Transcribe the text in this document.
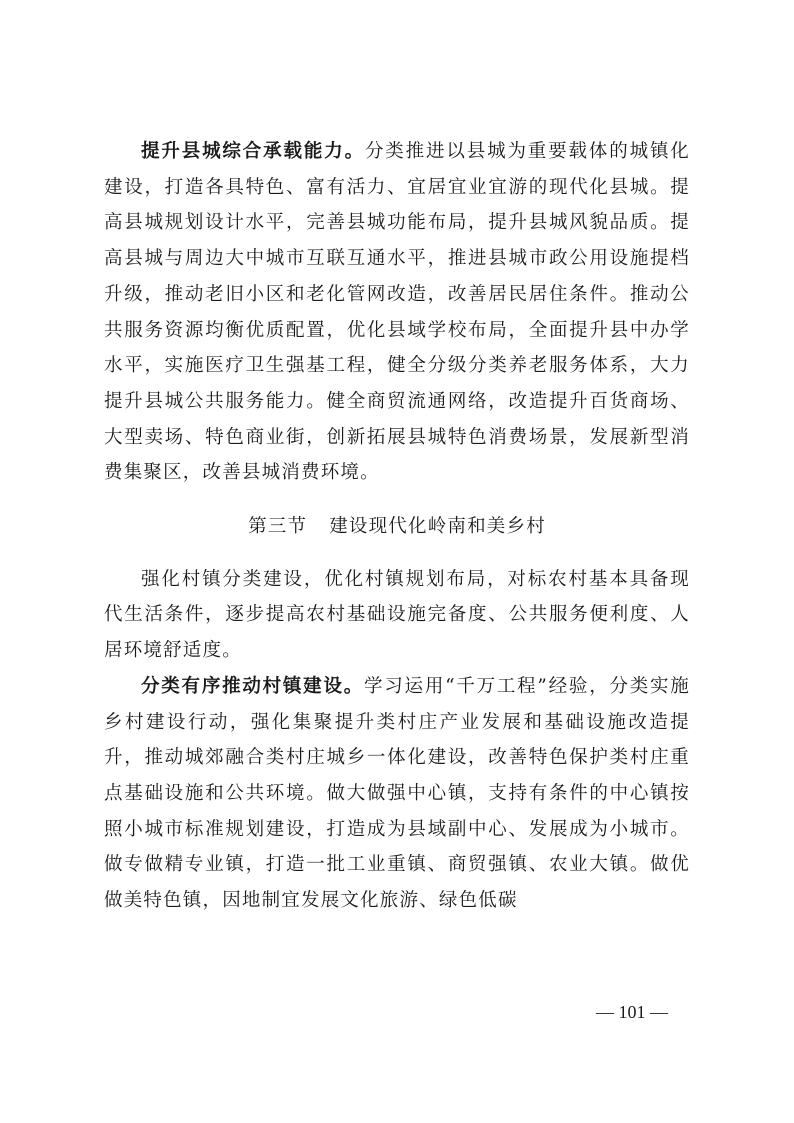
提升县城综合承载能力。分类推进以县城为重要载体的城镇化建设，打造各具特色、富有活力、宜居宜业宜游的现代化县城。提高县城规划设计水平，完善县城功能布局，提升县城风貌品质。提高县城与周边大中城市互联互通水平，推进县城市政公用设施提档升级，推动老旧小区和老化管网改造，改善居民居住条件。推动公共服务资源均衡优质配置，优化县域学校布局，全面提升县中办学水平，实施医疗卫生强基工程，健全分级分类养老服务体系，大力提升县城公共服务能力。健全商贸流通网络，改造提升百货商场、大型卖场、特色商业街，创新拓展县城特色消费场景，发展新型消费集聚区，改善县城消费环境。

第三节 建设现代化岭南和美乡村

强化村镇分类建设，优化村镇规划布局，对标农村基本具备现代生活条件，逐步提高农村基础设施完备度、公共服务便利度、人居环境舒适度。

分类有序推动村镇建设。学习运用“千万工程”经验，分类实施乡村建设行动，强化集聚提升类村庄产业发展和基础设施改造提升，推动城郊融合类村庄城乡一体化建设，改善特色保护类村庄重点基础设施和公共环境。做大做强中心镇，支持有条件的中心镇按照小城市标准规划建设，打造成为县域副中心、发展成为小城市。做专做精专业镇，打造一批工业重镇、商贸强镇、农业大镇。做优做美特色镇，因地制宜发展文化旅游、绿色低碳

— 101 —
